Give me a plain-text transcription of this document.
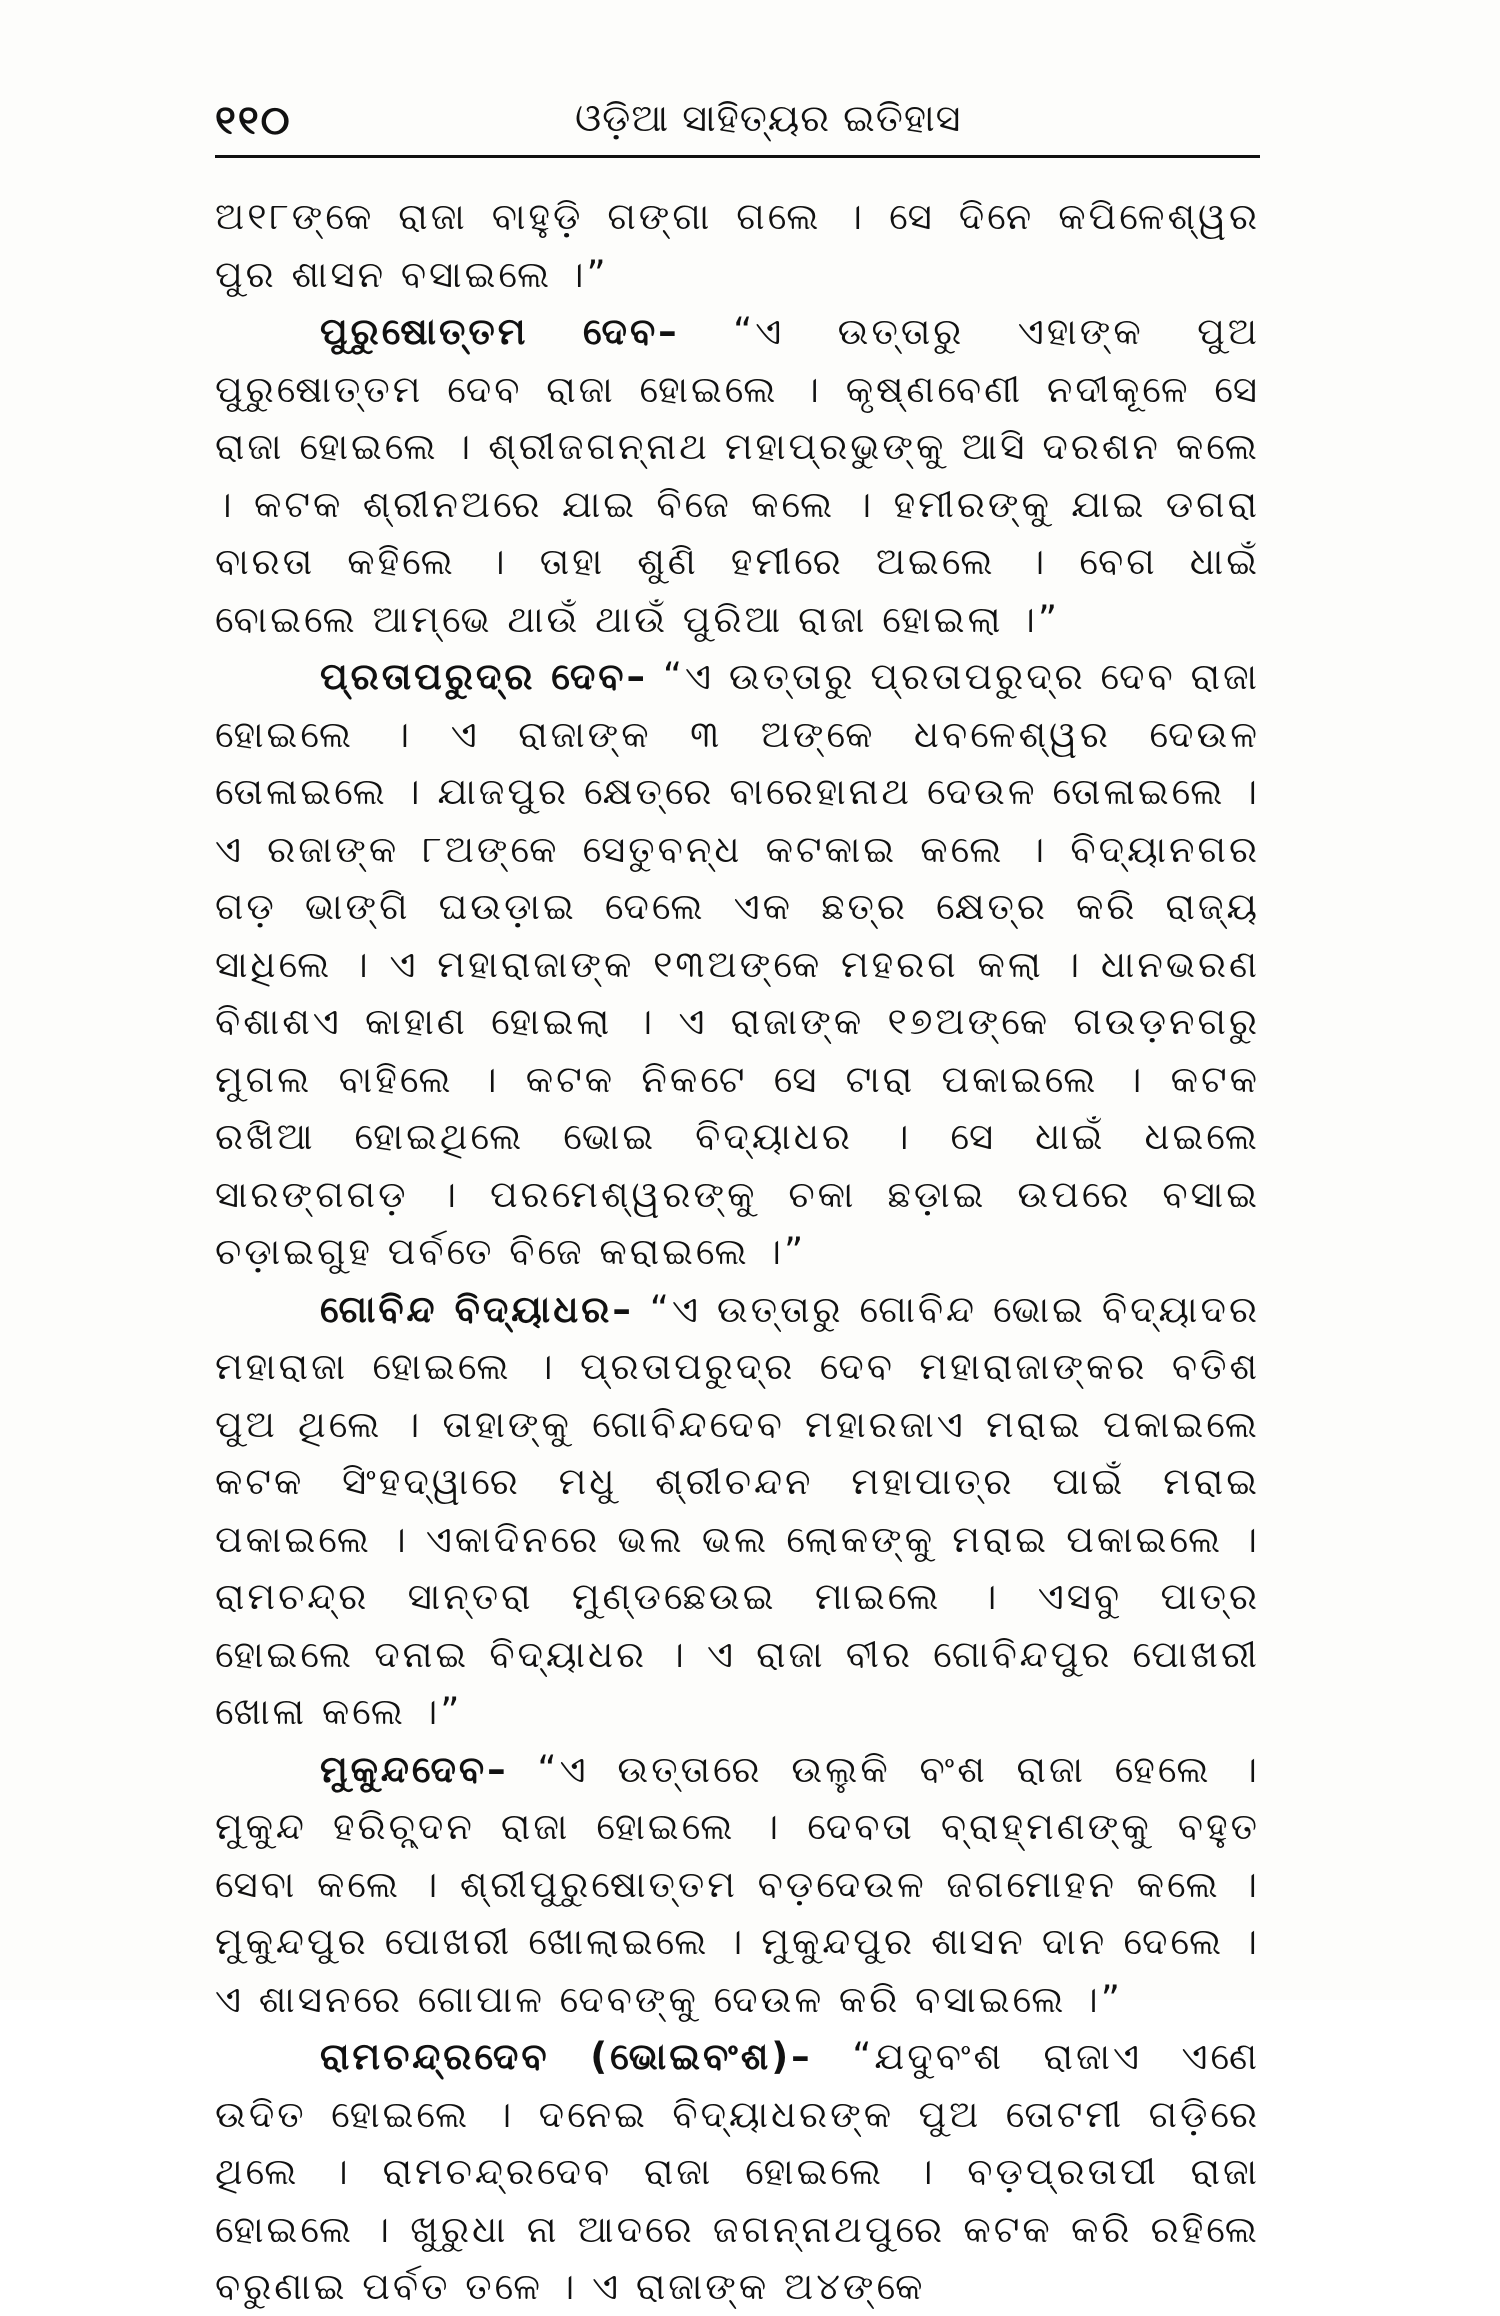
୧୧୦	ଓଡ଼ିଆ ସାହିତ୍ୟର ଇତିହାସ

ଅ୧୮ଙ୍କେ ରାଜା ବାହୁଡ଼ି ଗଙ୍ଗା ଗଲେ । ସେ ଦିନେ କପିଳେଶ୍ୱର ପୁର ଶାସନ ବସାଇଲେ ।”

ପୁରୁଷୋତ୍ତମ ଦେବ– “ଏ ଉତ୍ତାରୁ ଏହାଙ୍କ ପୁଅ ପୁରୁଷୋତ୍ତମ ଦେବ ରାଜା ହୋଇଲେ । କୃଷ୍ଣବେଣୀ ନଦୀକୂଳେ ସେ ରାଜା ହୋଇଲେ । ଶ୍ରୀଜଗନ୍ନାଥ ମହାପ୍ରଭୁଙ୍କୁ ଆସି ଦରଶନ କଲେ । କଟକ ଶ୍ରୀନଅରେ ଯାଇ ବିଜେ କଲେ । ହମୀରଙ୍କୁ ଯାଇ ଡଗରା ବାରତା କହିଲେ । ତାହା ଶୁଣି ହମୀରେ ଅଇଲେ । ବେଗ ଧାଇଁ ବୋଇଲେ ଆମ୍ଭେ ଥାଉଁ ଥାଉଁ ପୁରିଆ ରାଜା ହୋଇଲା ।”

ପ୍ରତାପରୁଦ୍ର ଦେବ– “ଏ ଉତ୍ତାରୁ ପ୍ରତାପରୁଦ୍ର ଦେବ ରାଜା ହୋଇଲେ । ଏ ରାଜାଙ୍କ ୩ ଅଙ୍କେ ଧବଳେଶ୍ୱର ଦେଉଳ ତୋଳାଇଲେ । ଯାଜପୁର କ୍ଷେତ୍ରେ ବାରେହାନାଥ ଦେଉଳ ତୋଳାଇଲେ । ଏ ରଜାଙ୍କ ୮ଅଙ୍କେ ସେତୁବନ୍ଧ କଟକାଇ କଲେ । ବିଦ୍ୟାନଗର ଗଡ଼ ଭାଙ୍ଗି ଘଉଡ଼ାଇ ଦେଲେ ଏକ ଛତ୍ର କ୍ଷେତ୍ର କରି ରାଜ୍ୟ ସାଧିଲେ । ଏ ମହାରାଜାଙ୍କ ୧୩ଅଙ୍କେ ମହରଗ କଲା । ଧାନଭରଣ ବିଶାଶଏ କାହାଣ ହୋଇଲା । ଏ ରାଜାଙ୍କ ୧୭ଅଙ୍କେ ଗଉଡ଼ନଗରୁ ମୁଗଲ ବାହିଲେ । କଟକ ନିକଟେ ସେ ଟାରା ପକାଇଲେ । କଟକ ରଖିଆ ହୋଇଥିଲେ ଭୋଇ ବିଦ୍ୟାଧର । ସେ ଧାଇଁ ଧଇଲେ ସାରଙ୍ଗଗଡ଼ । ପରମେଶ୍ୱରଙ୍କୁ ଚକା ଛଡ଼ାଇ ଉପରେ ବସାଇ ଚଡ଼ାଇଗୁହ ପର୍ବତେ ବିଜେ କରାଇଲେ ।”

ଗୋବିନ୍ଦ ବିଦ୍ୟାଧର– “ଏ ଉତ୍ତାରୁ ଗୋବିନ୍ଦ ଭୋଇ ବିଦ୍ୟାଦର ମହାରାଜା ହୋଇଲେ । ପ୍ରତାପରୁଦ୍ର ଦେବ ମହାରାଜାଙ୍କର ବତିଶ ପୁଅ ଥିଲେ । ତାହାଙ୍କୁ ଗୋବିନ୍ଦଦେବ ମହାରଜାଏ ମରାଇ ପକାଇଲେ କଟକ ସିଂହଦ୍ୱାରେ ମଧୁ ଶ୍ରୀଚନ୍ଦନ ମହାପାତ୍ର ପାଇଁ ମରାଇ ପକାଇଲେ । ଏକାଦିନରେ ଭଲ ଭଲ ଲୋକଙ୍କୁ ମରାଇ ପକାଇଲେ । ରାମଚନ୍ଦ୍ର ସାନ୍ତରା ମୁଣ୍ଡଛେଉଇ ମାଇଲେ । ଏସବୁ ପାତ୍ର ହୋଇଲେ ଦନାଇ ବିଦ୍ୟାଧର । ଏ ରାଜା ବୀର ଗୋବିନ୍ଦପୁର ପୋଖରୀ ଖୋଳା କଲେ ।”

ମୁକୁନ୍ଦଦେବ– “ଏ ଉତ୍ତାରେ ଉଲୁକି ବଂଶ ରାଜା ହେଲେ । ମୁକୁନ୍ଦ ହରିଚ୍ନ୍ଦନ ରାଜା ହୋଇଲେ । ଦେବତା ବ୍ରାହ୍ମଣଙ୍କୁ ବହୁତ ସେବା କଲେ । ଶ୍ରୀପୁରୁଷୋତ୍ତମ ବଡ଼ଦେଉଳ ଜଗମୋହନ କଲେ । ମୁକୁନ୍ଦପୁର ପୋଖରୀ ଖୋଲାଇଲେ । ମୁକୁନ୍ଦପୁର ଶାସନ ଦାନ ଦେଲେ । ଏ ଶାସନରେ ଗୋପାଳ ଦେବଙ୍କୁ ଦେଉଳ କରି ବସାଇଲେ ।”

ରାମଚନ୍ଦ୍ରଦେବ (ଭୋଇବଂଶ)– “ଯଦୁବଂଶ ରାଜାଏ ଏଣେ ଉଦିତ ହୋଇଲେ । ଦନେଇ ବିଦ୍ୟାଧରଙ୍କ ପୁଅ ତୋଟମୀ ଗଡ଼ିରେ ଥିଲେ । ରାମଚନ୍ଦ୍ରଦେବ ରାଜା ହୋଇଲେ । ବଡ଼ପ୍ରତାପୀ ରାଜା ହୋଇଲେ । ଖୁରୁଧା ନା ଆଦରେ ଜଗନ୍ନାଥପୁରେ କଟକ କରି ରହିଲେ ବରୁଣାଇ ପର୍ବତ ତଳେ । ଏ ରାଜାଙ୍କ ଅ୪ଙ୍କେ
